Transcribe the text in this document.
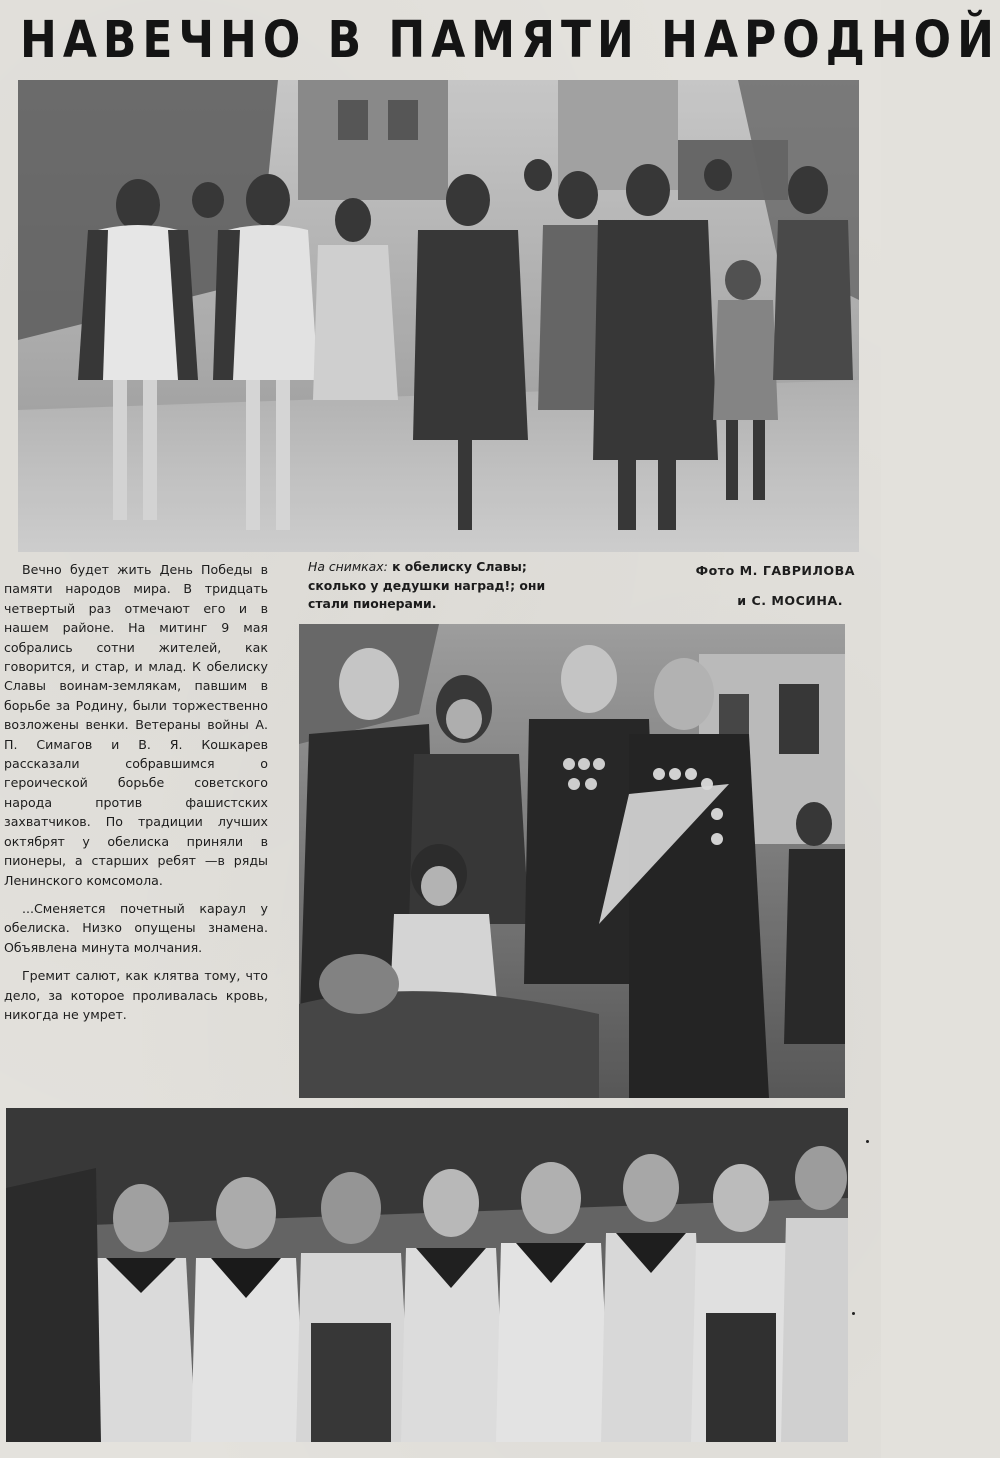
НАВЕЧНО В ПАМЯТИ НАРОДНОЙ

Вечно будет жить День Победы в памяти народов мира. В тридцать четвертый раз отмечают его и в нашем районе. На митинг 9 мая собрались сотни жителей, как говорится, и стар, и млад. К обелиску Славы воинам-землякам, павшим в борьбе за Родину, были торжественно возложены венки. Ветераны войны А. П. Симагов и В. Я. Кошкарев рассказали собравшимся о героической борьбе советского народа против фашистских захватчиков. По традиции лучших октябрят у обелиска приняли в пионеры, а старших ребят —в ряды Ленинского комсомола.

...Сменяется почетный караул у обелиска. Низко опущены знамена. Объявлена минута молчания.

Гремит салют, как клятва тому, что дело, за которое проливалась кровь, никогда не умрет.

На снимках: к обелиску Славы; сколько у дедушки наград!; они стали пионерами.
Фото М. ГАВРИЛОВА
и С. МОСИНА.
